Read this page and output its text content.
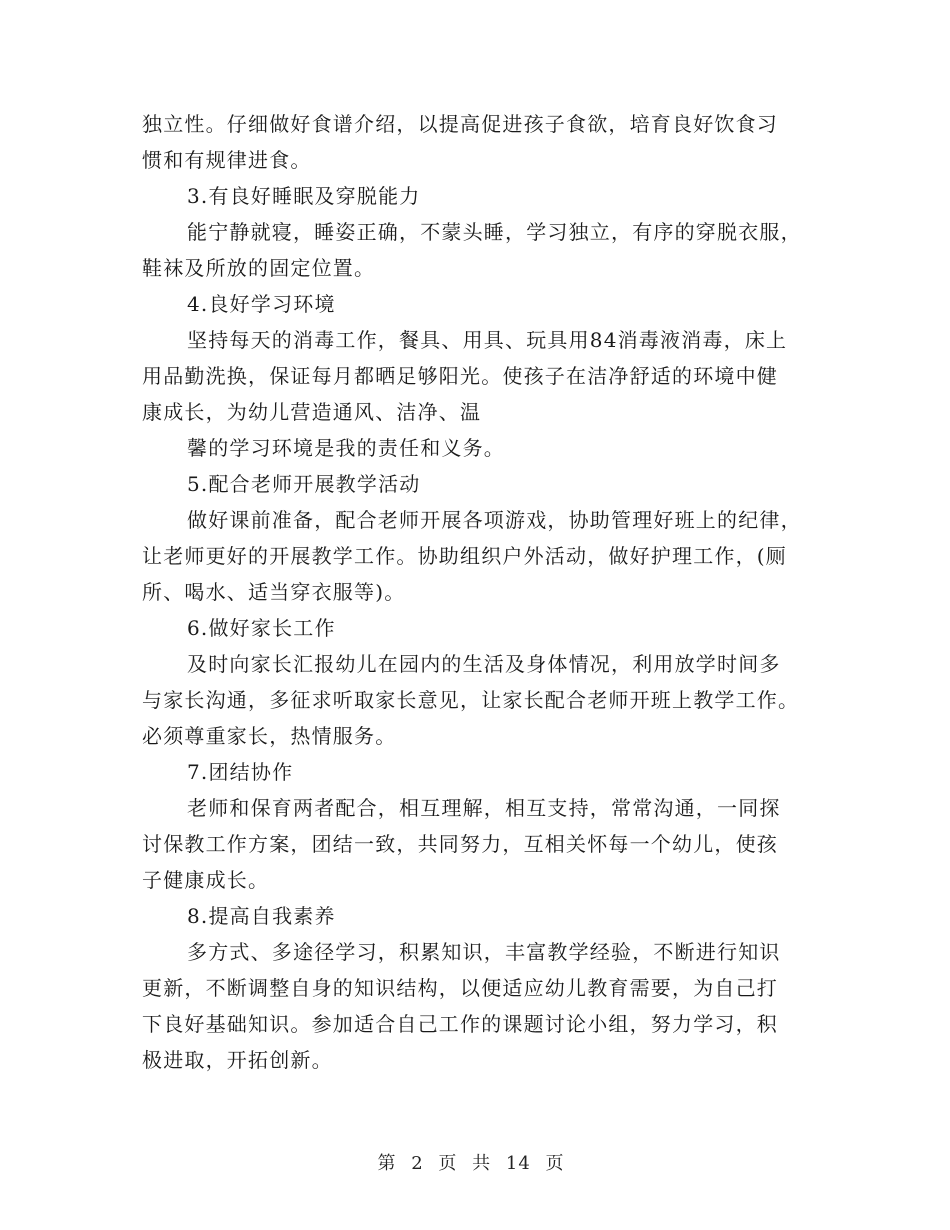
独立性。仔细做好食谱介绍，以提高促进孩子食欲，培育良好饮食习
惯和有规律进食。
3.有良好睡眠及穿脱能力
能宁静就寝，睡姿正确，不蒙头睡，学习独立，有序的穿脱衣服，
鞋袜及所放的固定位置。
4.良好学习环境
坚持每天的消毒工作，餐具、用具、玩具用84消毒液消毒，床上
用品勤洗换，保证每月都晒足够阳光。使孩子在洁净舒适的环境中健
康成长，为幼儿营造通风、洁净、温
馨的学习环境是我的责任和义务。
5.配合老师开展教学活动
做好课前准备，配合老师开展各项游戏，协助管理好班上的纪律，
让老师更好的开展教学工作。协助组织户外活动，做好护理工作，(厕
所、喝水、适当穿衣服等)。
6.做好家长工作
及时向家长汇报幼儿在园内的生活及身体情况，利用放学时间多
与家长沟通，多征求听取家长意见，让家长配合老师开班上教学工作。
必须尊重家长，热情服务。
7.团结协作
老师和保育两者配合，相互理解，相互支持，常常沟通，一同探
讨保教工作方案，团结一致，共同努力，互相关怀每一个幼儿，使孩
子健康成长。
8.提高自我素养
多方式、多途径学习，积累知识，丰富教学经验，不断进行知识
更新，不断调整自身的知识结构，以便适应幼儿教育需要，为自己打
下良好基础知识。参加适合自己工作的课题讨论小组，努力学习，积
极进取，开拓创新。
第 2 页 共 14 页
